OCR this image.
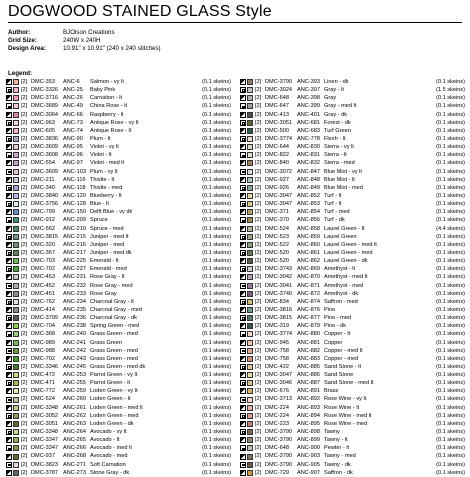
DOGWOOD STAINED GLASS Style
Author:	BJOlson Creations
Grid Size:	240W x 240H
Design Area:	10.91" x 10.91" (240 x 240 stitches)
Legend:
[2] DMC-353	ANC-6	Salmon - vy lt	(0.1 skeins)
[2] DMC-3326 ANC-25	Baby Pink	(0.1 skeins)
[2] DMC-3716 ANC-26	Carnation - lt	(0.1 skeins)
[2] DMC-3689 ANC-49	China Rose - lt	(0.1 skeins)
[2] DMC-3064 ANC-66	Raspberry - lt	(0.1 skeins)
[2] DMC-963	ANC-73	Antique Rose - vy lt	(0.1 skeins)
[2] DMC-605	ANC-74	Antique Rose - lt	(0.1 skeins)
[2] DMC-3836 ANC-90	Plum - lt	(0.1 skeins)
[2] DMC-3609 ANC-95	Violet - vy lt	(0.1 skeins)
[2] DMC-3608 ANC-96	Violet - lt	(0.1 skeins)
[2] DMC-554	ANC-97	Violet - med lt	(0.1 skeins)
[2] DMC-3609 ANC-103 Plum - vy lt	(0.1 skeins)
[2] DMC-211	ANC-116 Thistle - lt	(0.1 skeins)
[2] DMC-340	ANC-118 Thistle - med	(0.1 skeins)
[2] DMC-3840 ANC-120 Blueberry - lt	(0.1 skeins)
[2] DMC-3756 ANC-128 Blue - lt	(0.1 skeins)
[2] DMC-799	ANC-150 Delft Blue - vy dk	(0.1 skeins)
[2] DMC-912	ANC-209 Spruce	(0.1 skeins)
[2] DMC-562	ANC-210 Spruce - med	(0.1 skeins)
[2] DMC-3815 ANC-215 Juniper - med lt	(0.1 skeins)
[2] DMC-320	ANC-216 Juniper - med	(0.1 skeins)
[2] DMC-367	ANC-217 Juniper - med dk	(0.1 skeins)
[2] DMC-703	ANC-225 Emerald - lt	(0.1 skeins)
[2] DMC-702	ANC-227 Emerald - med	(0.1 skeins)
[2] DMC-453	ANC-231 Rose Gray - lt	(0.1 skeins)
[2] DMC-452	ANC-232 Rose Gray - med	(0.1 skeins)
[2] DMC-451	ANC-233 Rose Gray	(0.1 skeins)
[2] DMC-762	ANC-234 Charcoal Gray - lt	(0.1 skeins)
[2] DMC-414	ANC-235 Charcoal Gray - med	(0.1 skeins)
[2] DMC-3799 ANC-236 Charcoal Gray - dk	(0.1 skeins)
[2] DMC-704	ANC-238 Spring Green - med	(0.1 skeins)
[2] DMC-368	ANC-240 Grass Green - med	(0.1 skeins)
[2] DMC-989	ANC-241 Grass Green	(0.1 skeins)
[2] DMC-988	ANC-242 Grass Green - med	(0.1 skeins)
[2] DMC-702	ANC-243 Grass Green - med	(0.1 skeins)
[2] DMC-3346 ANC-245 Grass Green - med dk	(0.1 skeins)
[2] DMC-472	ANC-253 Parrot Green - vy lt	(0.1 skeins)
[2] DMC-471	ANC-255 Parrot Green - lt	(0.1 skeins)
[2] DMC-772	ANC-259 Loden Green - vy lt	(0.1 skeins)
[2] DMC-524	ANC-260 Loden Green - lt	(0.1 skeins)
[2] DMC-3348 ANC-261 Loden Green - med lt	(0.1 skeins)
[2] DMC-3052 ANC-262 Loden Green - med	(0.1 skeins)
[2] DMC-3051 ANC-263 Loden Green - dk	(0.1 skeins)
[2] DMC-3348 ANC-264 Avocado - vy lt	(0.1 skeins)
[2] DMC-3347 ANC-265 Avocado - lt	(0.1 skeins)
[2] DMC-3347 ANC-266 Avocado - med lt	(0.1 skeins)
[2] DMC-937	ANC-268 Avocado - med	(0.1 skeins)
[2] DMC-3823 ANC-271 Soft Carnation	(0.1 skeins)
[2] DMC-3787 ANC-273 Stone Gray - dk	(0.1 skeins)
[2] DMC-3790 ANC-393 Linen - dk	(0.1 skeins)
[2] DMC-3024 ANC-397 Gray - lt	(1.5 skeins)
[2] DMC-648	ANC-398 Gray	(0.1 skeins)
[2] DMC-647	ANC-399 Gray - med lt	(0.1 skeins)
[2] DMC-413	ANC-401 Gray - dk	(0.1 skeins)
[2] DMC-3051 ANC-681 Forest - dk	(0.1 skeins)
[2] DMC-500	ANC-683 Turf Green	(0.1 skeins)
[2] DMC-3774 ANC-778 Flesh - lt	(0.1 skeins)
[2] DMC-644	ANC-830 Sierra - vy lt	(0.1 skeins)
[2] DMC-822	ANC-831 Sierra - lt	(0.1 skeins)
[2] DMC-840	ANC-832 Sierra - med	(0.1 skeins)
[2] DMC-3072 ANC-847 Blue Mist - vy lt	(0.1 skeins)
[2] DMC-927	ANC-848 Blue Mist - lt	(0.1 skeins)
[2] DMC-926	ANC-849 Blue Mist - med	(0.1 skeins)
[2] DMC-3047 ANC-852 Turf - lt	(0.1 skeins)
[2] DMC-3047 ANC-853 Turf - lt	(0.1 skeins)
[2] DMC-371	ANC-854 Turf - med	(0.1 skeins)
[2] DMC-370	ANC-856 Turf - dk	(0.1 skeins)
[2] DMC-524	ANC-858 Laurel Green - lt	(4.4 skeins)
[2] DMC-523	ANC-859 Laurel Green	(0.1 skeins)
[2] DMC-522	ANC-860 Laurel Green - med lt	(0.1 skeins)
[2] DMC-520	ANC-861 Laurel Green - med	(0.1 skeins)
[2] DMC-520	ANC-862 Laurel Green - dk	(0.1 skeins)
[2] DMC-3743 ANC-869 Amethyst - lt	(0.1 skeins)
[2] DMC-3042 ANC-870 Amethyst - med lt	(0.1 skeins)
[2] DMC-3041 ANC-871 Amethyst - med	(0.1 skeins)
[2] DMC-3740 ANC-872 Amethyst - dk	(0.1 skeins)
[2] DMC-834	ANC-874 Saffron - med	(0.1 skeins)
[2] DMC-3816 ANC-876 Pine	(0.1 skeins)
[2] DMC-3815 ANC-877 Pine - med	(0.1 skeins)
[2] DMC-319	ANC-879 Pine - dk	(0.1 skeins)
[2] DMC-3774 ANC-880 Copper - lt	(0.1 skeins)
[2] DMC-945	ANC-881 Copper	(0.1 skeins)
[2] DMC-758	ANC-882 Copper - med lt	(0.1 skeins)
[2] DMC-758	ANC-883 Copper - med	(0.1 skeins)
[2] DMC-422	ANC-885 Sand Stone - lt	(0.1 skeins)
[2] DMC-3047 ANC-886 Sand Stone	(0.1 skeins)
[2] DMC-3046 ANC-887 Sand Stone - med lt	(0.1 skeins)
[2] DMC-676	ANC-891 Brass	(0.1 skeins)
[2] DMC-3713 ANC-892 Rose Wine - vy lt	(0.1 skeins)
[2] DMC-224	ANC-893 Rose Wine - lt	(0.1 skeins)
[2] DMC-224	ANC-894 Rose Wine - med lt	(0.1 skeins)
[2] DMC-223	ANC-895 Rose Wine - med	(0.1 skeins)
[2] DMC-3790 ANC-898 Tawny	(0.1 skeins)
[2] DMC-3790 ANC-899 Tawny - lt	(0.1 skeins)
[2] DMC-648	ANC-900 Pewter - lt	(0.1 skeins)
[2] DMC-3790 ANC-903 Tawny - med	(0.1 skeins)
[2] DMC-3790 ANC-905 Tawny - dk	(0.1 skeins)
[2] DMC-729	ANC-907 Saffron - dk	(0.1 skeins)
